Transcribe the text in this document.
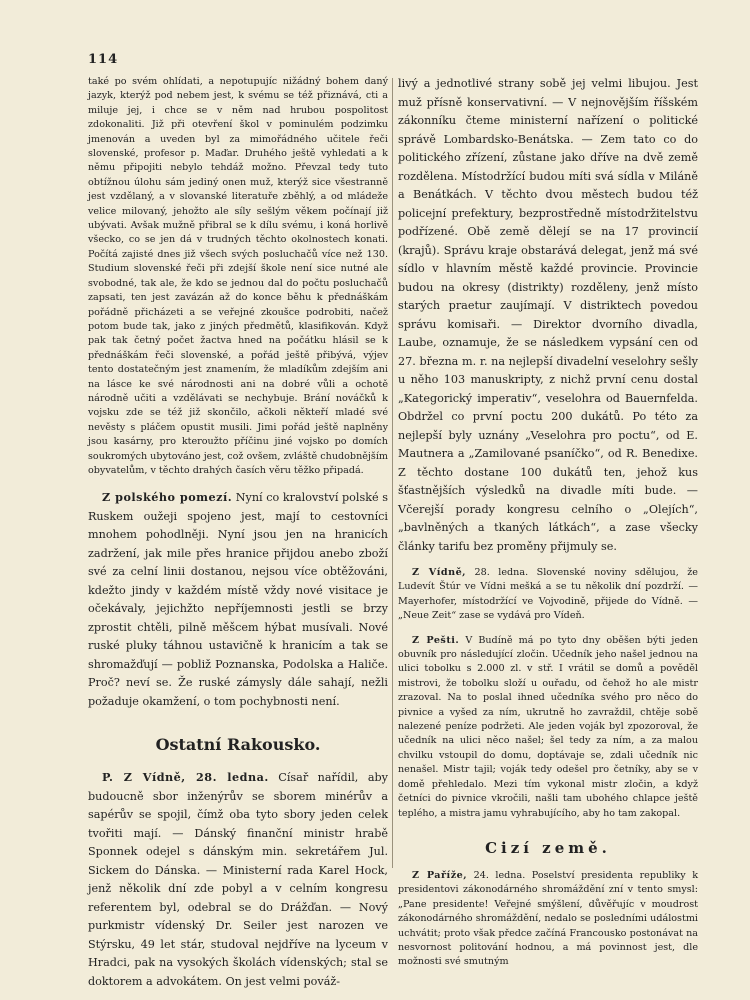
114

také po svém ohlídati, a nepotupujíc nižádný bohem daný jazyk, kterýž pod nebem jest, k svému se též přiznává, cti a miluje jej, i chce se v něm nad hrubou pospolitost zdokonaliti. Již při otevření škol v pominulém podzimku jmenován a uveden byl za mimořádného učitele řeči slovenské, profesor p. Maďar. Druhého ještě vyhledati a k němu připojiti nebylo tehdáž možno. Převzal tedy tuto obtížnou úlohu sám jediný onen muž, kterýž sice všestranně jest vzdělaný, a v slovanské literatuře zběhlý, a od mládeže velice milovaný, jehožto ale síly sešlým věkem počínají již ubývati. Avšak mužně přibral se k dílu svému, i koná horlivě všecko, co se jen dá v trudných těchto okolnostech konati. Počítá zajisté dnes již všech svých posluchačů více než 130. Studium slovenské řeči při zdejší škole není sice nutné ale svobodné, tak ale, že kdo se jednou dal do počtu posluchačů zapsati, ten jest zavázán až do konce běhu k přednáškám pořádně přicházeti a se veřejné zkoušce podrobiti, načež potom bude tak, jako z jiných předmětů, klasifikován. Když pak tak četný počet žactva hned na počátku hlásil se k přednáškám řeči slovenské, a pořád ještě přibývá, výjev tento dostatečným jest znamením, že mladíkům zdejším ani na lásce ke své národnosti ani na dobré vůli a ochotě národně učiti a vzdělávati se nechybuje. Brání nováčků k vojsku zde se též již skončilo, ačkoli někteří mladé své nevěsty s pláčem opustit musili. Jimi pořád ještě naplněny jsou kasárny, pro kteroužto příčinu jiné vojsko po domích soukromých ubytováno jest, což ovšem, zvláště chudobnějším obyvatelům, v těchto drahých časích věru těžko připadá.

Z polského pomezí. Nyní co kralovství polské s Ruskem oužeji spojeno jest, mají to cestovníci mnohem pohodlněji. Nyní jsou jen na hranicích zadržení, jak mile přes hranice přijdou anebo zboží své za celní linii dostanou, nejsou více obtěžováni, kdežto jindy v každém místě vždy nové visitace je očekávaly, jejichžto nepříjemnosti jestli se brzy zprostit chtěli, pilně měšcem hýbat musívali. Nové ruské pluky táhnou ustavičně k hranicím a tak se shromažďují — pobliž Poznanska, Podolska a Haliče. Proč? neví se. Že ruské zámysly dále sahají, nežli požaduje okamžení, o tom pochybnosti není.

Ostatní Rakousko.

P. Z Vídně, 28. ledna. Císař nařídil, aby budoucně sbor inženýrův se sborem minérův a sapérův se spojil, čímž oba tyto sbory jeden celek tvořiti mají. — Dánský finanční ministr hrabě Sponnek odejel s dánským min. sekretářem Jul. Sickem do Dánska. — Ministerní rada Karel Hock, jenž několik dní zde pobyl a v celním kongresu referentem byl, odebral se do Drážďan. — Nový purkmistr vídenský Dr. Seiler jest narozen ve Stýrsku, 49 let stár, studoval nejdříve na lyceum v Hradci, pak na vysokých školách vídenských; stal se doktorem a advokátem. On jest velmi pováž-

livý a jednotlivé strany sobě jej velmi libujou. Jest muž přísně konservativní. — V nejnovějším říšském zákonníku čteme ministerní nařízení o politické správě Lombardsko-Benátska. — Zem tato co do politického zřízení, zůstane jako dříve na dvě země rozdělena. Místodržící budou míti svá sídla v Miláně a Benátkách. V těchto dvou městech budou též policejní prefektury, bezprostředně místodržitelstvu podřízené. Obě země dělejí se na 17 provincií (krajů). Správu kraje obstarává delegat, jenž má své sídlo v hlavním městě každé provincie. Provincie budou na okresy (distrikty) rozděleny, jenž místo starých praetur zaujímají. V distriktech povedou správu komisaři. — Direktor dvorního divadla, Laube, oznamuje, že se následkem vypsání cen od 27. března m. r. na nejlepší divadelní veselohry sešly u něho 103 manuskripty, z nichž první cenu dostal „Kategorický imperativ“, veselohra od Bauernfelda. Obdržel co první poctu 200 dukátů. Po této za nejlepší byly uznány „Veselohra pro poctu“, od E. Mautnera a „Zamilované psaníčko“, od R. Benedixe. Z těchto dostane 100 dukátů ten, jehož kus šťastnějších výsledků na divadle míti bude. — Včerejší porady kongresu celního o „Olejích“, „bavlněných a tkaných látkách“, a zase všecky články tarifu bez proměny přijmuly se.

Z Vídně, 28. ledna. Slovenské noviny sdělujou, že Ludevít Štúr ve Vídni mešká a se tu několik dní pozdrží. — Mayerhofer, místodržící ve Vojvodině, přijede do Vídně. — „Neue Zeit“ zase se vydává pro Vídeň.

Z Pešti. V Budíně má po tyto dny oběšen býti jeden obuvník pro následující zločin. Učedník jeho našel jednou na ulici tobolku s 2.000 zl. v stř. I vrátil se domů a pověděl mistrovi, že tobolku složí u ouřadu, od čehož ho ale mistr zrazoval. Na to poslal ihned učedníka svého pro něco do pivnice a vyšed za ním, ukrutně ho zavraždil, chtěje sobě nalezené peníze podržeti. Ale jeden voják byl zpozoroval, že učedník na ulici něco našel; šel tedy za ním, a za malou chvilku vstoupil do domu, doptávaje se, zdali učedník nic nenašel. Mistr tajil; voják tedy odešel pro četníky, aby se v domě přehledalo. Mezi tím vykonal mistr zločin, a když četníci do pivnice vkročili, našli tam ubohého chlapce ještě teplého, a mistra jamu vyhrabujícího, aby ho tam zakopal.

Cizí země.

Z Paříže, 24. ledna. Poselství presidenta republiky k presidentovi zákonodárného shromáždění zní v tento smysl: „Pane presidente! Veřejné smýšlení, důvěřujíc v moudrost zákonodárného shromáždění, nedalo se posledními událostmi uchvátit; proto však předce začíná Francousko postonávat na nesvornost politování hodnou, a má povinnost jest, dle možnosti své smutným
